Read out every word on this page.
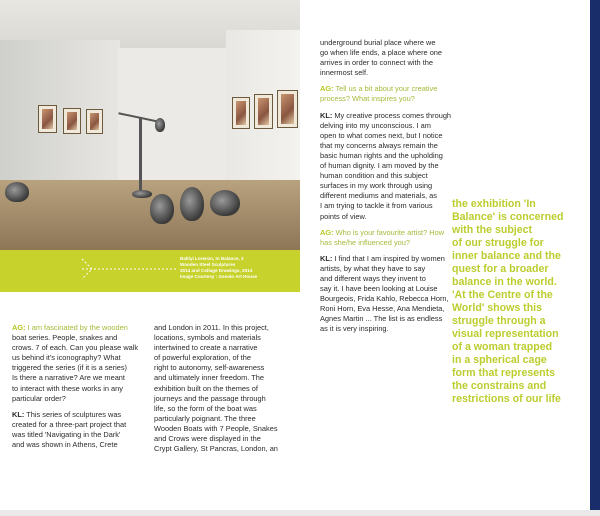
Baltiyi Lorenzo, In Balance, 3
Wooden Steel Sculptures
2014 and Collage Drawings, 2014
Image Courtesy : Gesolo Art House

AG: I am fascinated by the wooden
boat series. People, snakes and
crows. 7 of each. Can you please walk
us behind it's iconography? What
triggered the series (if it is a series)
Is there a narrative? Are we meant
to interact with these works in any
particular order?

KL: This series of sculptures was
created for a three-part project that
was titled 'Navigating in the Dark'
and was shown in Athens, Crete

and London in 2011. In this project,
locations, symbols and materials
intertwined to create a narrative
of powerful exploration, of the
right to autonomy, self-awareness
and ultimately inner freedom. The
exhibition built on the themes of
journeys and the passage through
life, so the form of the boat was
particularly poignant. The three
Wooden Boats with 7 People, Snakes
and Crows were displayed in the
Crypt Gallery, St Pancras, London, an

underground burial place where we
go when life ends, a place where one
arrives in order to connect with the
innermost self.

AG: Tell us a bit about your creative
process? What inspires you?

KL: My creative process comes through
delving into my unconscious. I am
open to what comes next, but I notice
that my concerns always remain the
basic human rights and the upholding
of human dignity. I am moved by the
human condition and this subject
surfaces in my work through using
different mediums and materials, as
I am trying to tackle it from various
points of view.

AG: Who is your favourite artist? How
has she/he influenced you?

KL: I find that I am inspired by women
artists, by what they have to say
and different ways they invent to
say it. I have been looking at Louise
Bourgeois, Frida Kahlo, Rebecca Horn,
Roni Horn, Eva Hesse, Ana Mendieta,
Agnes Martin ... The list is as endless
as it is very inspiring.

the exhibition 'In
Balance' is concerned
with the subject
of our struggle for
inner balance and the
quest for a broader
balance in the world.
'At the Centre of the
World' shows this
struggle through a
visual representation
of a woman trapped
in a spherical cage
form that represents
the constrains and
restrictions of our life
